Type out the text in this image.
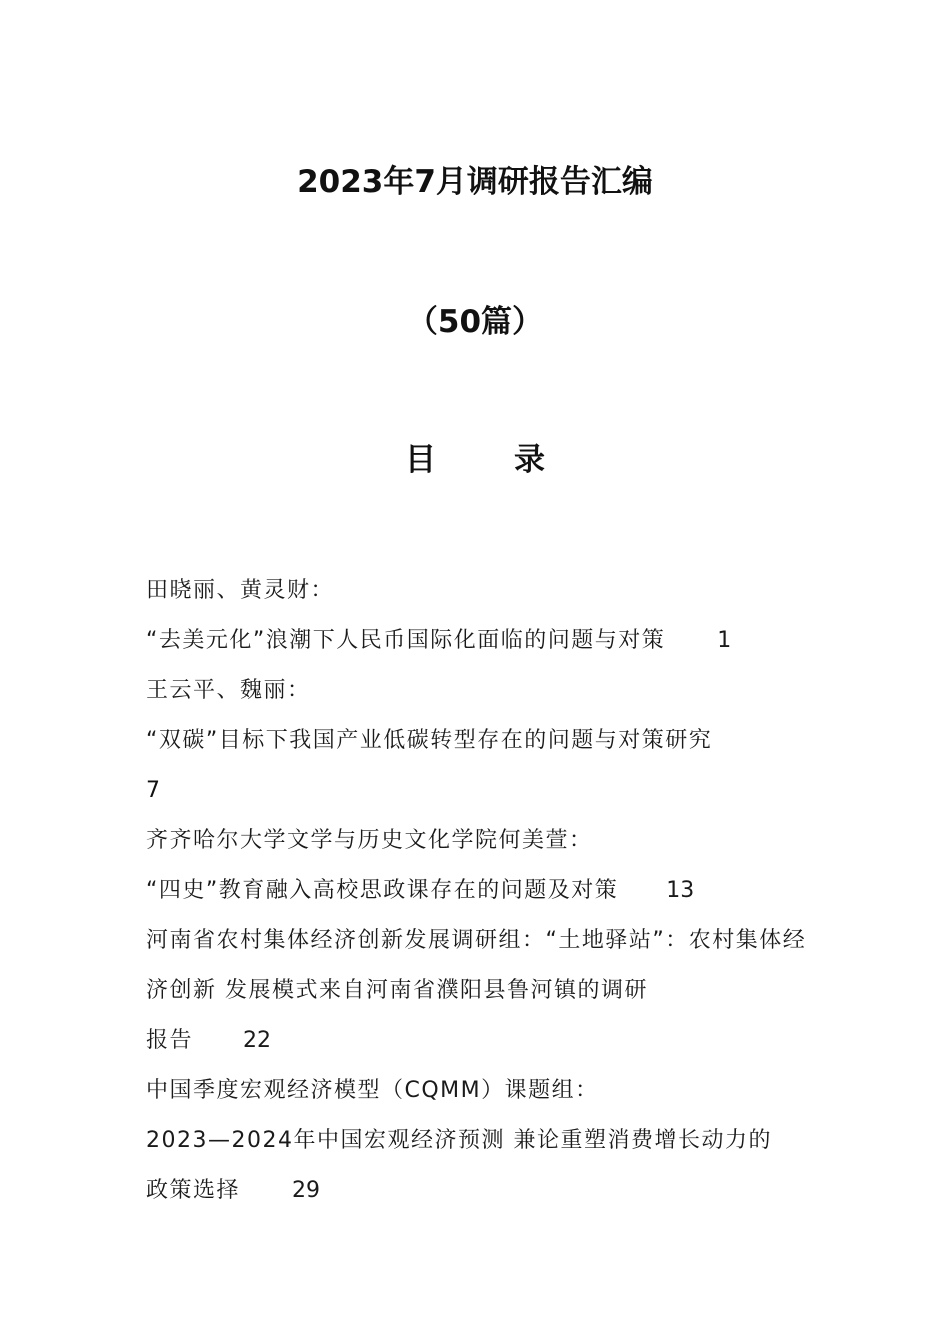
2023年7月调研报告汇编
（50篇）
目	录
田晓丽、黄灵财：
“去美元化”浪潮下人民币国际化面临的问题与对策 1
王云平、魏丽：
“双碳”目标下我国产业低碳转型存在的问题与对策研究
7
齐齐哈尔大学文学与历史文化学院何美萱：
“四史”教育融入高校思政课存在的问题及对策 13
河南省农村集体经济创新发展调研组：“土地驿站”：农村集体经济创新 发展模式来自河南省濮阳县鲁河镇的调研
报告 22
中国季度宏观经济模型（CQMM）课题组：
2023—2024年中国宏观经济预测 兼论重塑消费增长动力的
政策选择 29
